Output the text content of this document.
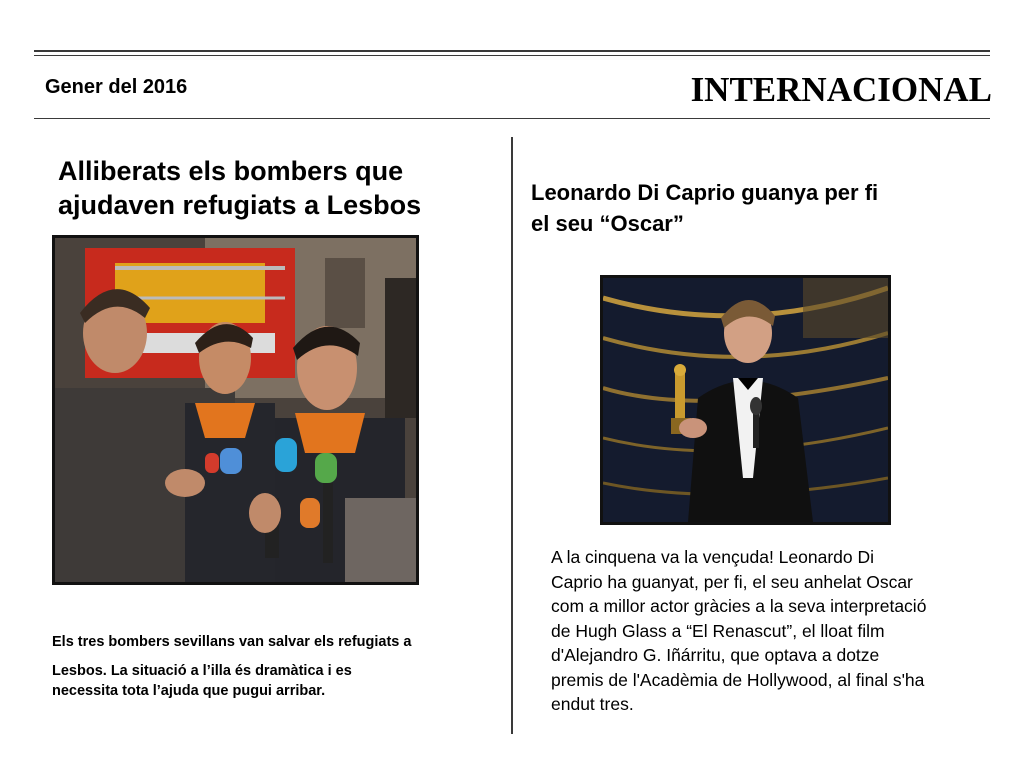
Gener del 2016	INTERNACIONAL
Alliberats els bombers que
ajudaven refugiats a Lesbos

Els tres bombers sevillans van salvar els refugiats a

Lesbos. La situació a l’illa és dramàtica i es

necessita tota l’ajuda que pugui arribar.

Leonardo Di Caprio guanya per fi
el seu “Oscar”
A la cinquena va la vençuda! Leonardo Di
Caprio ha guanyat, per fi, el seu anhelat Oscar
com a millor actor gràcies a la seva interpretació
de Hugh Glass a “El Renascut”, el lloat film
d'Alejandro G. Iñárritu, que optava a dotze
premis de l'Acadèmia de Hollywood, al final s'ha
endut tres.
